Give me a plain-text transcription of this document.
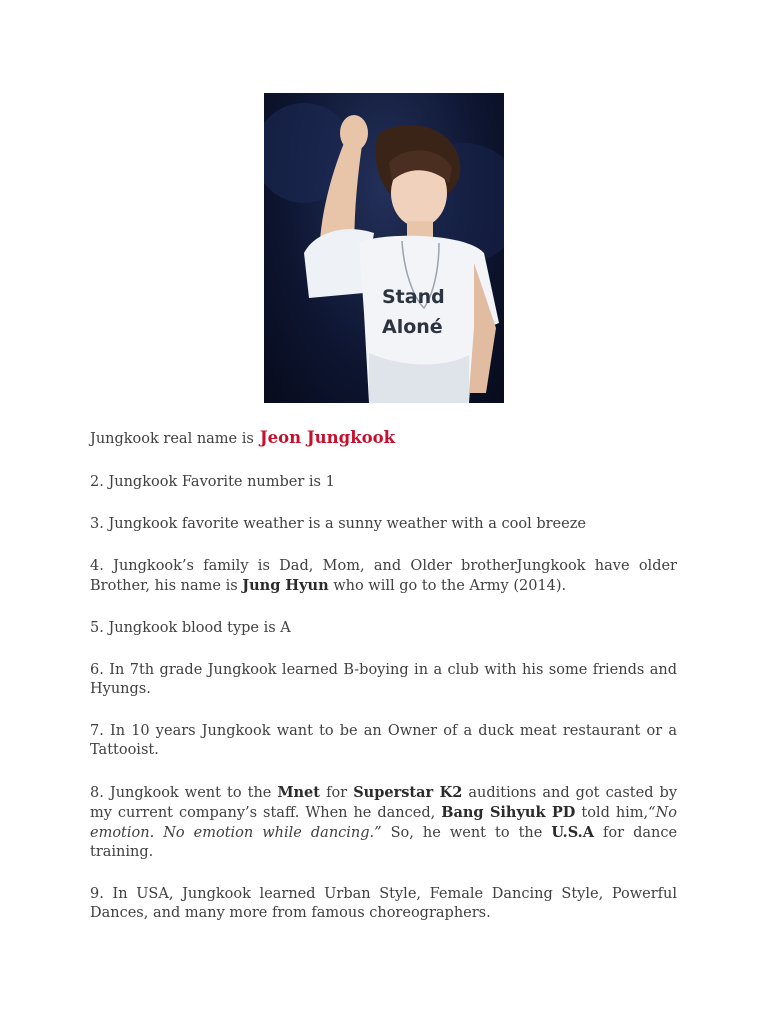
Stand
Aloné

Jungkook real name is Jeon Jungkook

2. Jungkook Favorite number is 1

3. Jungkook favorite weather is a sunny weather with a cool breeze

4. Jungkook’s family is Dad, Mom, and Older brotherJungkook have older Brother, his name is Jung Hyun who will go to the Army (2014).

5. Jungkook blood type is A

6. In 7th grade Jungkook learned B-boying in a club with his some friends and Hyungs.

7. In 10 years Jungkook want to be an Owner of a duck meat restaurant or a Tattooist.

8. Jungkook went to the Mnet for Superstar K2 auditions and got casted by my current company’s staff. When he danced, Bang Sihyuk PD told him,“No emotion. No emotion while dancing.” So, he went to the U.S.A for dance training.

9. In USA, Jungkook learned Urban Style, Female Dancing Style, Powerful Dances, and many more from famous choreographers.
